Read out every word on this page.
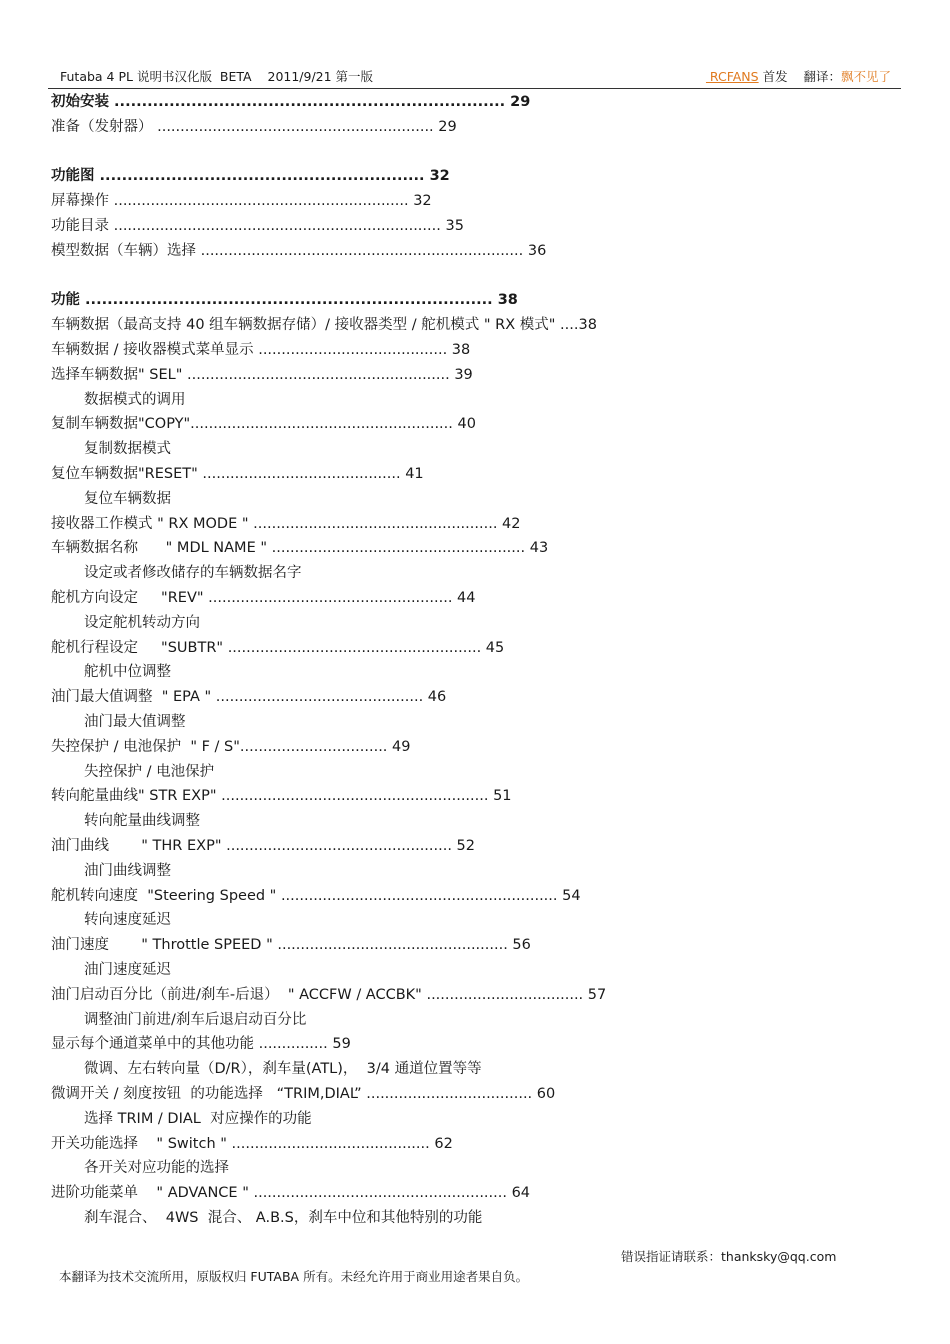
Futaba 4 PL 说明书汉化版  BETA    2011/9/21 第一版	RCFANS 首发    翻译：飘不见了
初始安装 ....................................................................... 29
准备（发射器） ............................................................ 29
功能图 ........................................................... 32
屏幕操作 ................................................................ 32
功能目录 ....................................................................... 35
模型数据（车辆）选择 ...................................................................... 36
功能 .......................................................................... 38
车辆数据（最高支持 40 组车辆数据存储）/ 接收器类型 / 舵机模式 " RX 模式" ....38
车辆数据 / 接收器模式菜单显示 ......................................... 38
选择车辆数据" SEL" ......................................................... 39
数据模式的调用
复制车辆数据"COPY"......................................................... 40
复制数据模式
复位车辆数据"RESET" ........................................... 41
复位车辆数据
接收器工作模式 " RX MODE " ..................................................... 42
车辆数据名称      " MDL NAME " ....................................................... 43
设定或者修改储存的车辆数据名字
舵机方向设定     "REV" ..................................................... 44
设定舵机转动方向
舵机行程设定     "SUBTR" ....................................................... 45
舵机中位调整
油门最大值调整  " EPA " ............................................. 46
油门最大值调整
失控保护 / 电池保护  " F / S"................................ 49
失控保护 / 电池保护
转向舵量曲线" STR EXP" .......................................................... 51
转向舵量曲线调整
油门曲线       " THR EXP" ................................................. 52
油门曲线调整
舵机转向速度  "Steering Speed " ............................................................ 54
转向速度延迟
油门速度       " Throttle SPEED " .................................................. 56
油门速度延迟
油门启动百分比（前进/刹车-后退）  " ACCFW / ACCBK" .................................. 57
调整油门前进/刹车后退启动百分比
显示每个通道菜单中的其他功能 ............... 59
微调、左右转向量（D/R），刹车量(ATL)，  3/4 通道位置等等
微调开关 / 刻度按钮  的功能选择   “TRIM,DIAL” .................................... 60
选择 TRIM / DIAL  对应操作的功能
开关功能选择    " Switch " ........................................... 62
各开关对应功能的选择
进阶功能菜单    " ADVANCE " ....................................................... 64
刹车混合、  4WS  混合、 A.B.S，刹车中位和其他特别的功能

本翻译为技术交流所用，原版权归 FUTABA 所有。未经允许用于商业用途者果自负。

错误指证请联系：thanksky@qq.com
